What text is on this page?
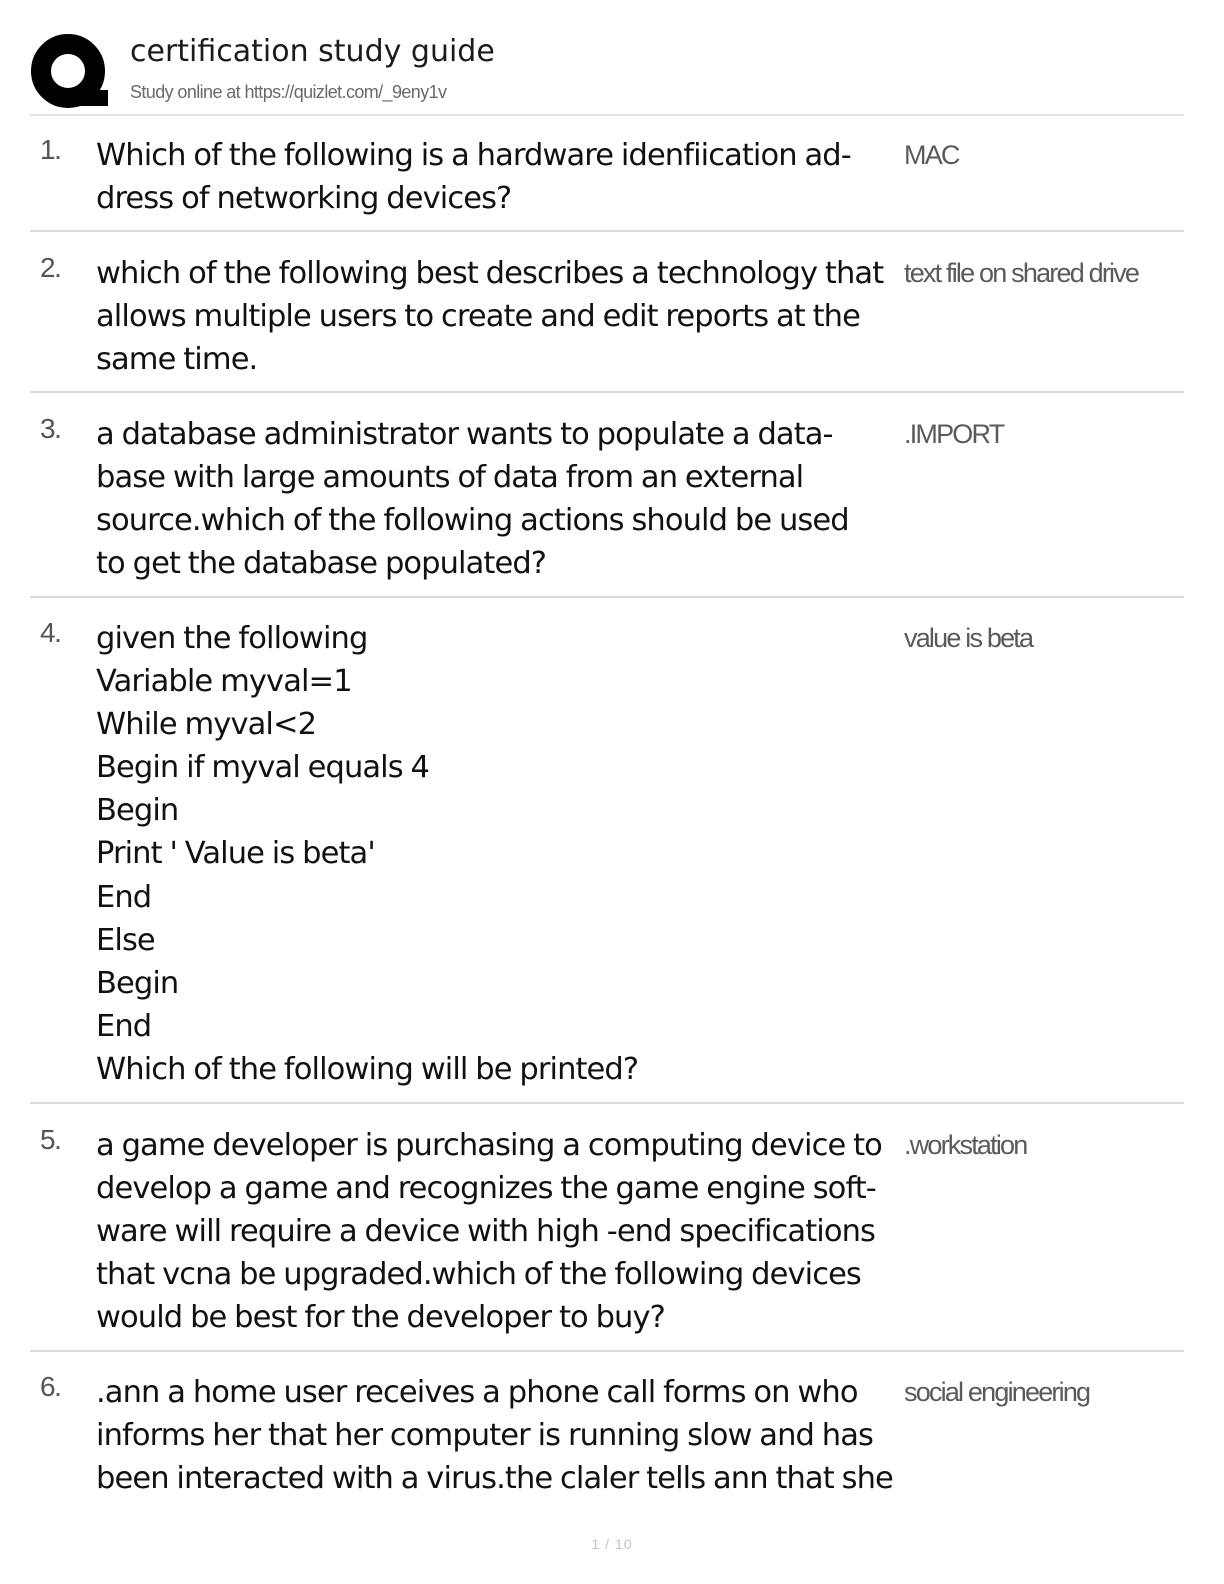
certification study guide
Study online at https://quizlet.com/_9eny1v
1. Which of the following is a hardware idenfiication ad-
dress of networking devices?
MAC
2. which of the following best describes a technology that
allows multiple users to create and edit reports at the
same time.
text file on shared drive
3. a database administrator wants to populate a data-
base with large amounts of data from an external
source.which of the following actions should be used
to get the database populated?
.IMPORT
4. given the following
Variable myval=1
While myval<2
Begin if myval equals 4
Begin
Print ' Value is beta'
End
Else
Begin
End
Which of the following will be printed?
value is beta
5. a game developer is purchasing a computing device to
develop a game and recognizes the game engine soft-
ware will require a device with high -end specifications
that vcna be upgraded.which of the following devices
would be best for the developer to buy?
.workstation
6. .ann a home user receives a phone call forms on who
informs her that her computer is running slow and has
been interacted with a virus.the claler tells ann that she
social engineering
1 / 10
